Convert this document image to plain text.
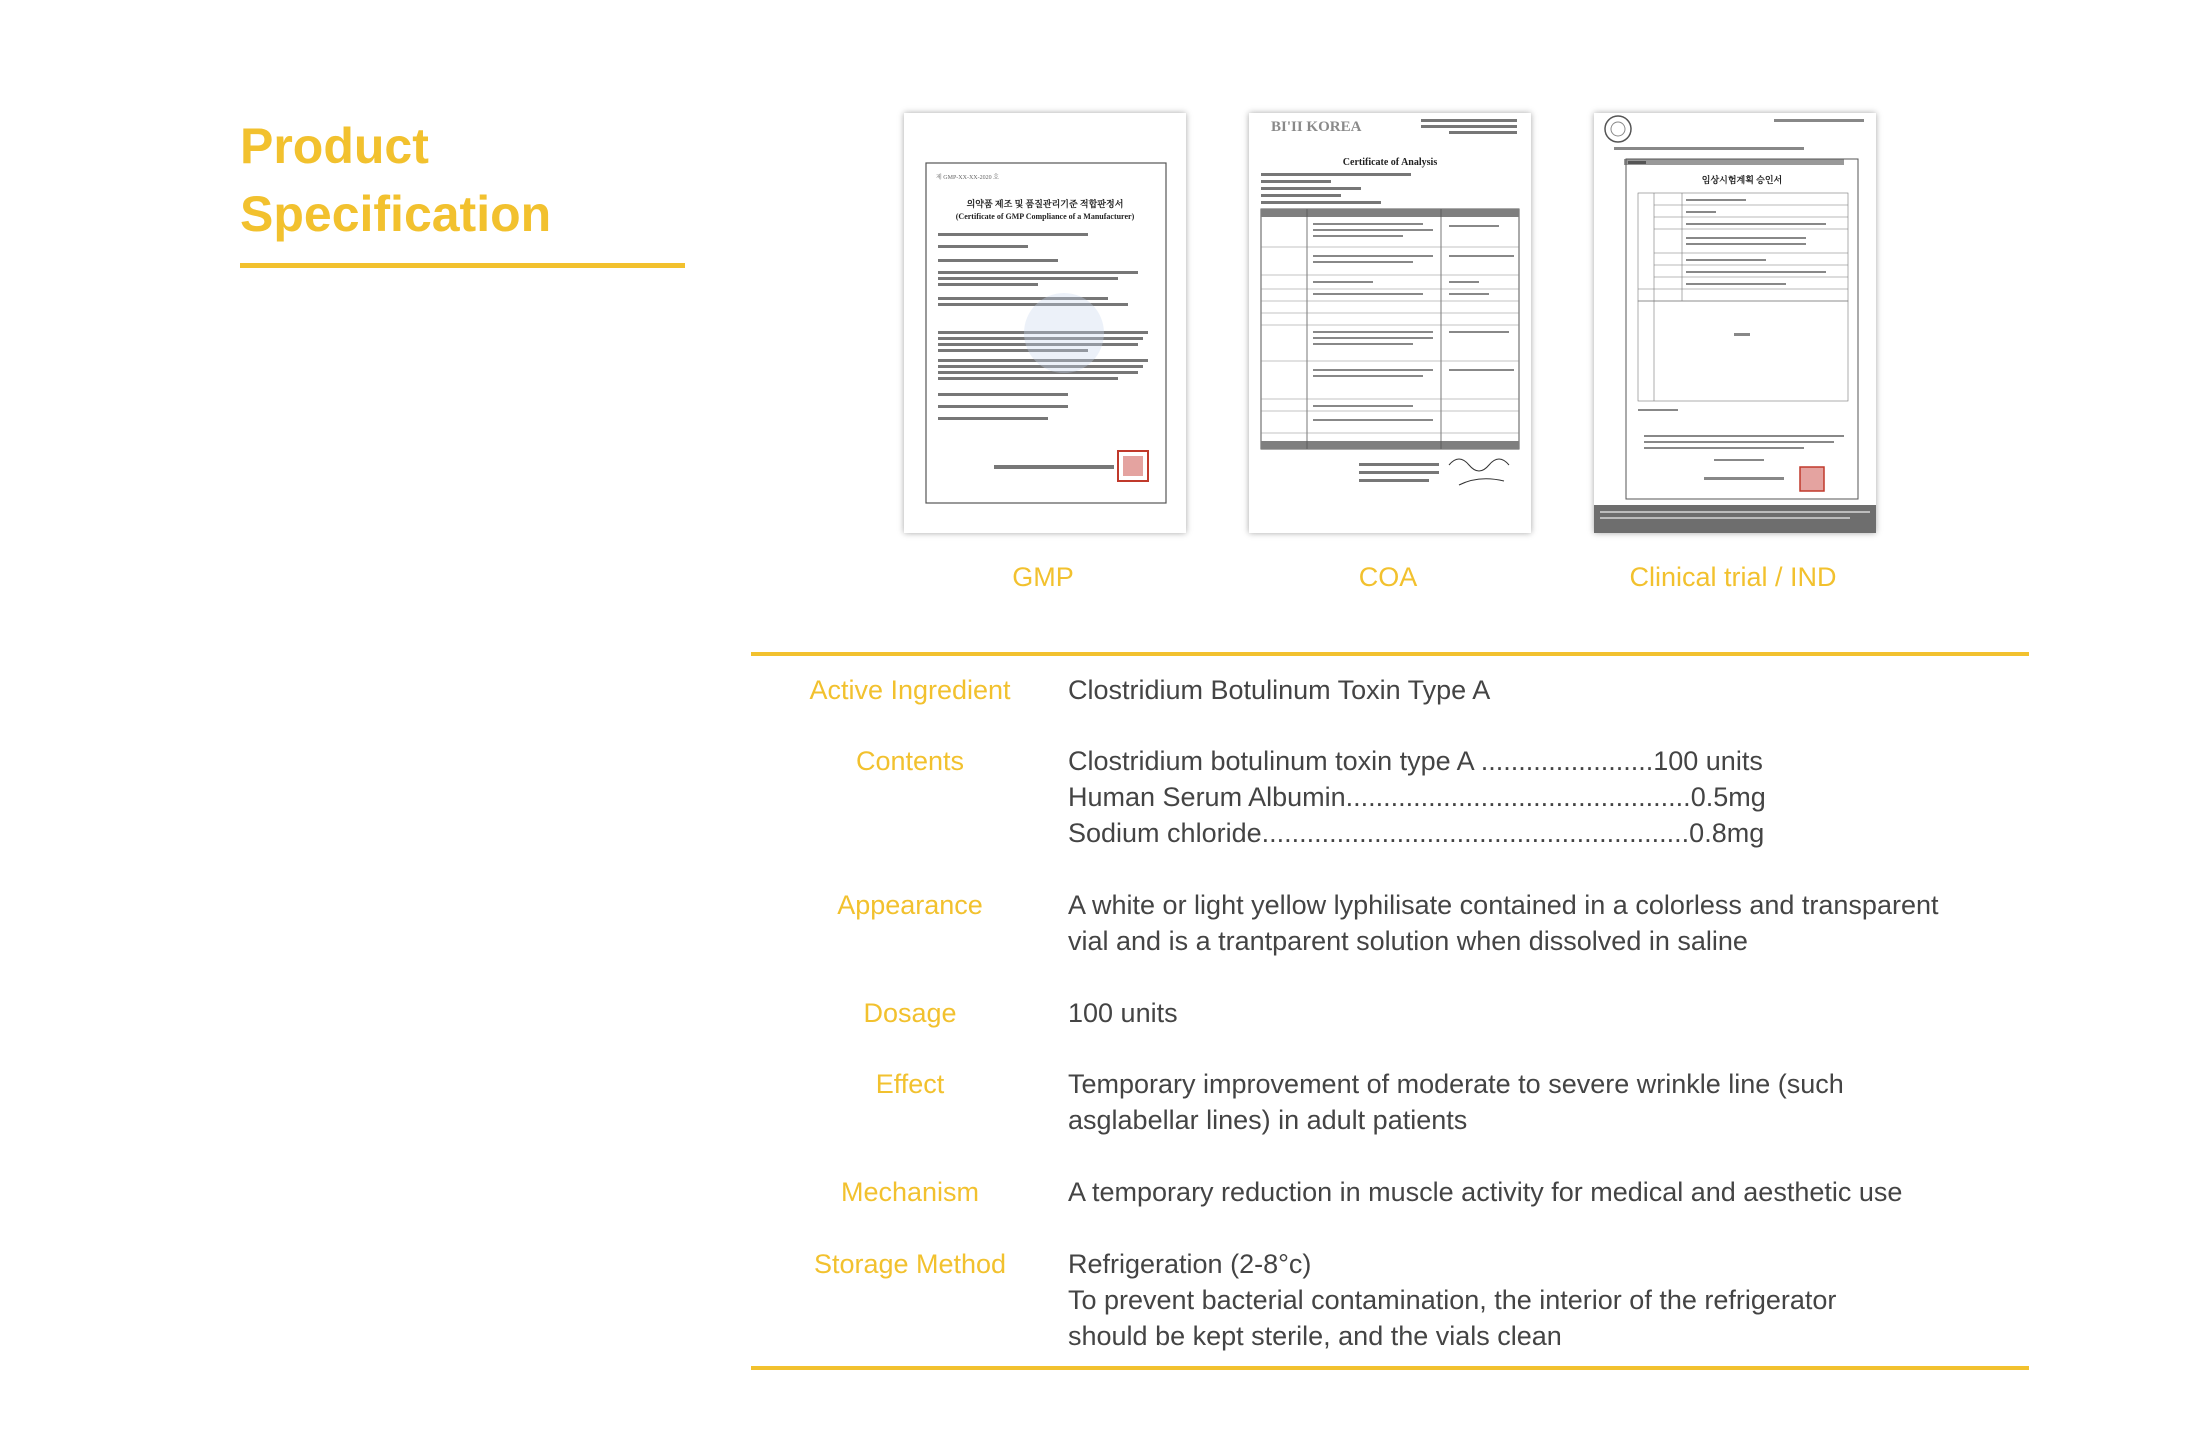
Product
Specification
제 GMP-XX-XX-2020 호
의약품 제조 및 품질관리기준 적합판정서
(Certificate of GMP Compliance of a Manufacturer)
GMP
BI'II KOREA
Certificate of Analysis
COA
임상시험계획 승인서
Clinical trial / IND
Active Ingredient	Clostridium Botulinum Toxin Type A
Contents	Clostridium botulinum toxin type A .......................100 units
Human Serum Albumin..............................................0.5mg
Sodium chloride.........................................................0.8mg
Appearance	A white or light yellow lyphilisate contained in a colorless and transparent
vial and is a trantparent solution when dissolved in saline
Dosage	100 units
Effect	Temporary improvement of moderate to severe wrinkle line (such
asglabellar lines) in adult patients
Mechanism	A temporary reduction in muscle activity for medical and aesthetic use
Storage Method	Refrigeration (2-8°c)
To prevent bacterial contamination, the interior of the refrigerator
should be kept sterile, and the vials clean
